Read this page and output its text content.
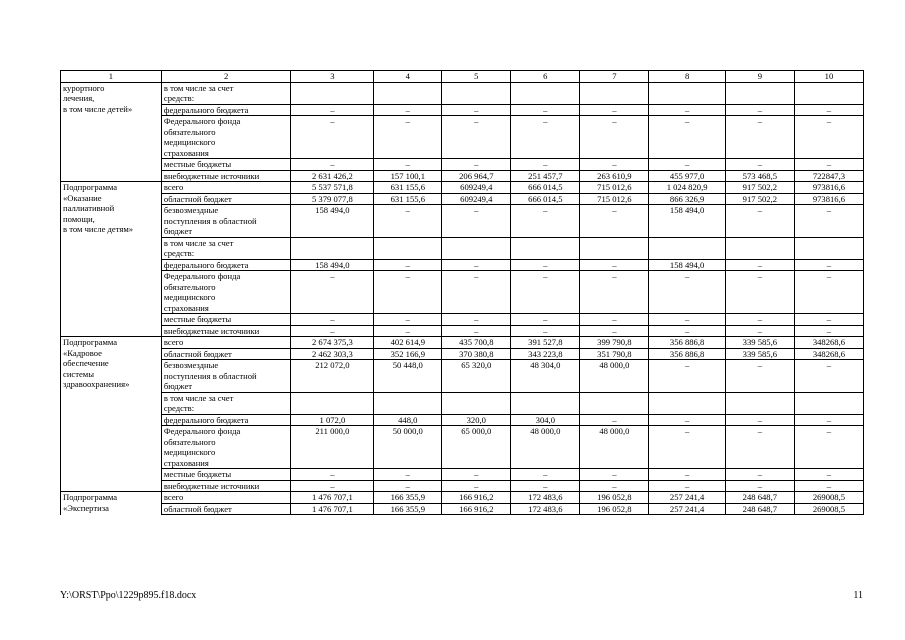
1	2	3	4	5	6	7	8	9	10
курортного
лечения,
в том числе детей»	в том числе за счет
средств:								
	федерального бюджета	–	–	–	–	–	–	–	–
	Федерального фонда
обязательного
медицинского
страхования	–	–	–	–	–	–	–	–
	местные бюджеты	–	–	–	–	–	–	–	–
	внебюджетные источники	2 631 426,2	157 100,1	206 964,7	251 457,7	263 610,9	455 977,0	573 468,5	722847,3
Подпрограмма
«Оказание
паллиативной
помощи,
в том числе детям»	всего	5 537 571,8	631 155,6	609249,4	666 014,5	715 012,6	1 024 820,9	917 502,2	973816,6
	областной бюджет	5 379 077,8	631 155,6	609249,4	666 014,5	715 012,6	866 326,9	917 502,2	973816,6
	безвозмездные
поступления в областной
бюджет	158 494,0	–	–	–	–	158 494,0	–	–
	в том числе за счет
средств:								
	федерального бюджета	158 494,0	–	–	–	–	158 494,0	–	–
	Федерального фонда
обязательного
медицинского
страхования	–	–	–	–	–	–	–	–
	местные бюджеты	–	–	–	–	–	–	–	–
	внебюджетные источники	–	–	–	–	–	–	–	–
Подпрограмма
«Кадровое
обеспечение
системы
здравоохранения»	всего	2 674 375,3	402 614,9	435 700,8	391 527,8	399 790,8	356 886,8	339 585,6	348268,6
	областной бюджет	2 462 303,3	352 166,9	370 380,8	343 223,8	351 790,8	356 886,8	339 585,6	348268,6
	безвозмездные
поступления в областной
бюджет	212 072,0	50 448,0	65 320,0	48 304,0	48 000,0	–	–	–
	в том числе за счет
средств:								
	федерального бюджета	1 072,0	448,0	320,0	304,0	–	–	–	–
	Федерального фонда
обязательного
медицинского
страхования	211 000,0	50 000,0	65 000,0	48 000,0	48 000,0	–	–	–
	местные бюджеты	–	–	–	–	–	–	–	–
	внебюджетные источники	–	–	–	–	–	–	–	–
Подпрограмма
«Экспертиза	всего	1 476 707,1	166 355,9	166 916,2	172 483,6	196 052,8	257 241,4	248 648,7	269008,5
	областной бюджет	1 476 707,1	166 355,9	166 916,2	172 483,6	196 052,8	257 241,4	248 648,7	269008,5
Y:\ORST\Ppo\1229p895.f18.docx	11
